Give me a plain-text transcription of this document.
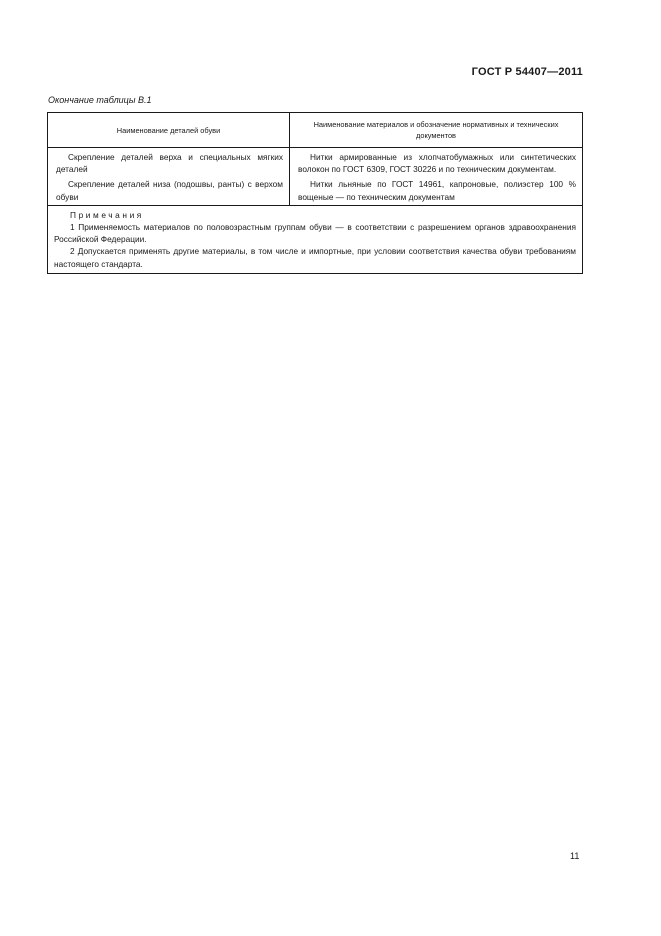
ГОСТ Р 54407—2011
Окончание таблицы В.1
Наименование деталей обуви	Наименование материалов и обозначение нормативных и технических документов

Скрепление деталей верха и специальных мягких деталей	Нитки армированные из хлопчатобумажных или синтетических волокон по ГОСТ 6309, ГОСТ 30226 и по техническим документам.

Скрепление деталей низа (подошвы, ранты) с верхом обуви	Нитки льняные по ГОСТ 14961, капроновые, полиэстер 100 % вощеные — по техническим документам

Примечания
1 Применяемость материалов по половозрастным группам обуви — в соответствии с разрешением органов здравоохранения Российской Федерации.
2 Допускается применять другие материалы, в том числе и импортные, при условии соответствия качества обуви требованиям настоящего стандарта.	
11
